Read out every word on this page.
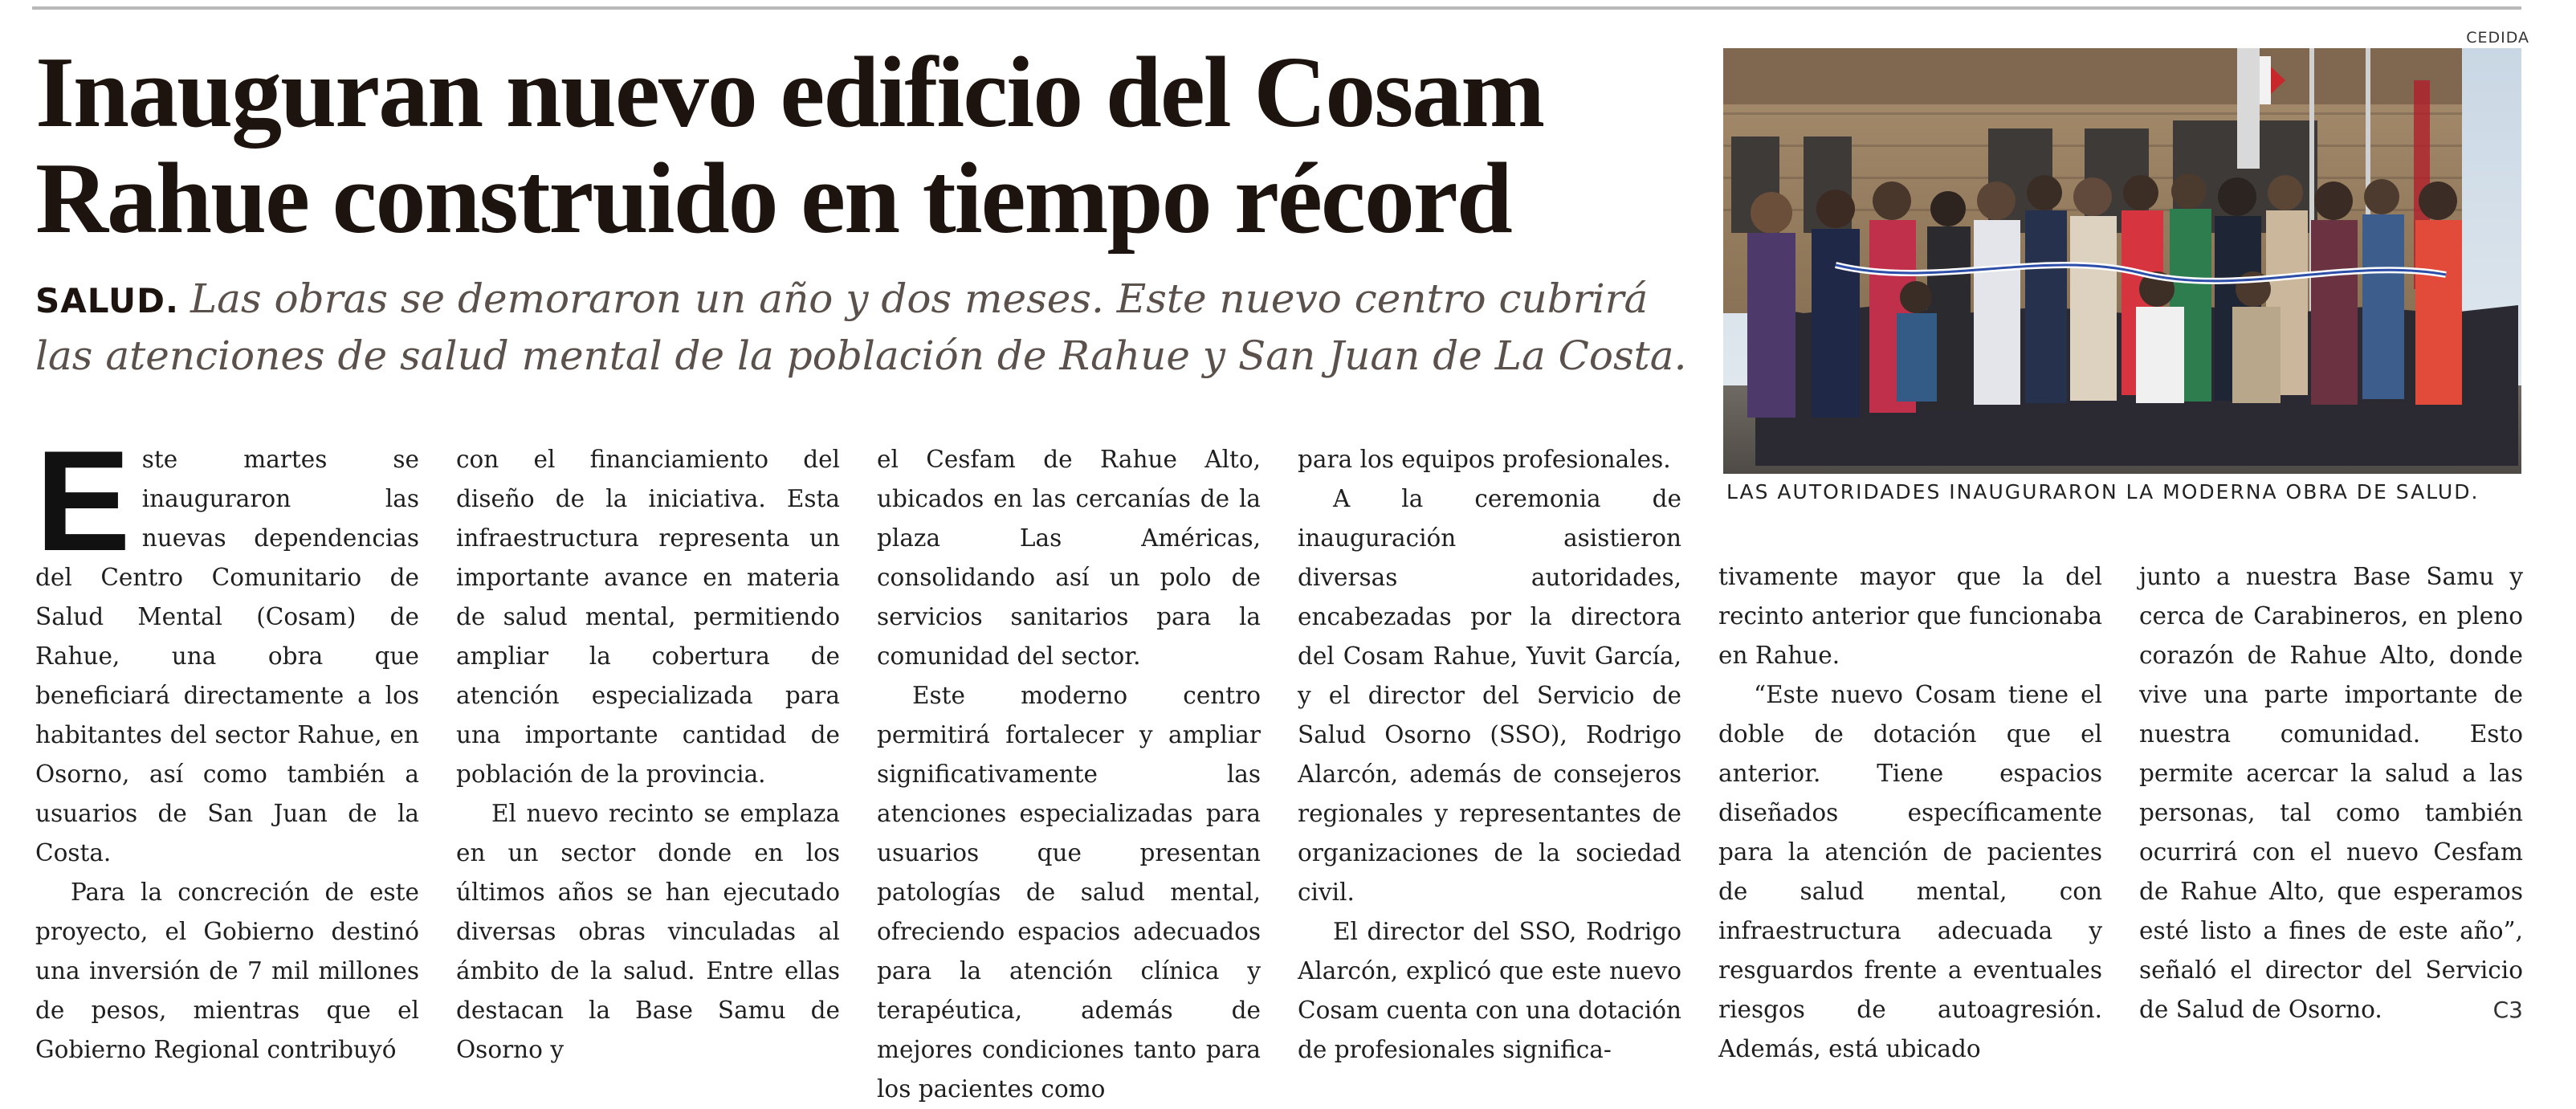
Inauguran nuevo edificio del Cosam
Rahue construido en tiempo récord
SALUD. Las obras se demoraron un año y dos meses. Este nuevo centro cubrirá
las atenciones de salud mental de la población de Rahue y San Juan de La Costa.
CEDIDA
LAS AUTORIDADES INAUGURARON LA MODERNA OBRA DE SALUD.

Este martes se inauguraron las nuevas dependencias del Centro Comunitario de Salud Mental (Cosam) de Rahue, una obra que beneficiará directamente a los habitantes del sector Rahue, en Osorno, así como también a usuarios de San Juan de la Costa.

Para la concreción de este proyecto, el Gobierno destinó una inversión de 7 mil millones de pesos, mientras que el Gobierno Regional contribuyó

con el financiamiento del diseño de la iniciativa. Esta infraestructura representa un importante avance en materia de salud mental, permitiendo ampliar la cobertura de atención especializada para una importante cantidad de población de la provincia.

El nuevo recinto se emplaza en un sector donde en los últimos años se han ejecutado diversas obras vinculadas al ámbito de la salud. Entre ellas destacan la Base Samu de Osorno y

el Cesfam de Rahue Alto, ubicados en las cercanías de la plaza Las Américas, consolidando así un polo de servicios sanitarios para la comunidad del sector.

Este moderno centro permitirá fortalecer y ampliar significativamente las atenciones especializadas para usuarios que presentan patologías de salud mental, ofreciendo espacios adecuados para la atención clínica y terapéutica, además de mejores condiciones tanto para los pacientes como

para los equipos profesionales.

A la ceremonia de inauguración asistieron diversas autoridades, encabezadas por la directora del Cosam Rahue, Yuvit García, y el director del Servicio de Salud Osorno (SSO), Rodrigo Alarcón, además de consejeros regionales y representantes de organizaciones de la sociedad civil.

El director del SSO, Rodrigo Alarcón, explicó que este nuevo Cosam cuenta con una dotación de profesionales significa-

tivamente mayor que la del recinto anterior que funcionaba en Rahue.

“Este nuevo Cosam tiene el doble de dotación que el anterior. Tiene espacios diseñados específicamente para la atención de pacientes de salud mental, con infraestructura adecuada y resguardos frente a eventuales riesgos de autoagresión. Además, está ubicado

junto a nuestra Base Samu y cerca de Carabineros, en pleno corazón de Rahue Alto, donde vive una parte importante de nuestra comunidad. Esto permite acercar la salud a las personas, tal como también ocurrirá con el nuevo Cesfam de Rahue Alto, que esperamos esté listo a fines de este año”, señaló el director del Servicio de Salud de Osorno.	C3
